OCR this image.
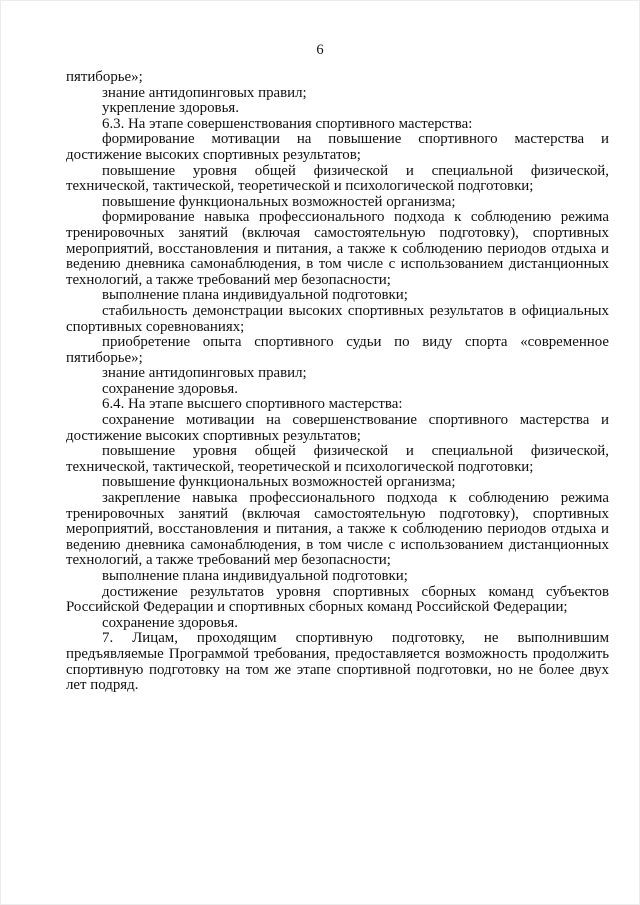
6

пятиборье»;

знание антидопинговых правил;

укрепление здоровья.

6.3. На этапе совершенствования спортивного мастерства:

формирование мотивации на повышение спортивного мастерства и достижение высоких спортивных результатов;

повышение уровня общей физической и специальной физической, технической, тактической, теоретической и психологической подготовки;

повышение функциональных возможностей организма;

формирование навыка профессионального подхода к соблюдению режима тренировочных занятий (включая самостоятельную подготовку), спортивных мероприятий, восстановления и питания, а также к соблюдению периодов отдыха и ведению дневника самонаблюдения, в том числе с использованием дистанционных технологий, а также требований мер безопасности;

выполнение плана индивидуальной подготовки;

стабильность демонстрации высоких спортивных результатов в официальных спортивных соревнованиях;

приобретение опыта спортивного судьи по виду спорта «современное пятиборье»;

знание антидопинговых правил;

сохранение здоровья.

6.4. На этапе высшего спортивного мастерства:

сохранение мотивации на совершенствование спортивного мастерства и достижение высоких спортивных результатов;

повышение уровня общей физической и специальной физической, технической, тактической, теоретической и психологической подготовки;

повышение функциональных возможностей организма;

закрепление навыка профессионального подхода к соблюдению режима тренировочных занятий (включая самостоятельную подготовку), спортивных мероприятий, восстановления и питания, а также к соблюдению периодов отдыха и ведению дневника самонаблюдения, в том числе с использованием дистанционных технологий, а также требований мер безопасности;

выполнение плана индивидуальной подготовки;

достижение результатов уровня спортивных сборных команд субъектов Российской Федерации и спортивных сборных команд Российской Федерации;

сохранение здоровья.

7. Лицам, проходящим спортивную подготовку, не выполнившим предъявляемые Программой требования, предоставляется возможность продолжить спортивную подготовку на том же этапе спортивной подготовки, но не более двух лет подряд.
